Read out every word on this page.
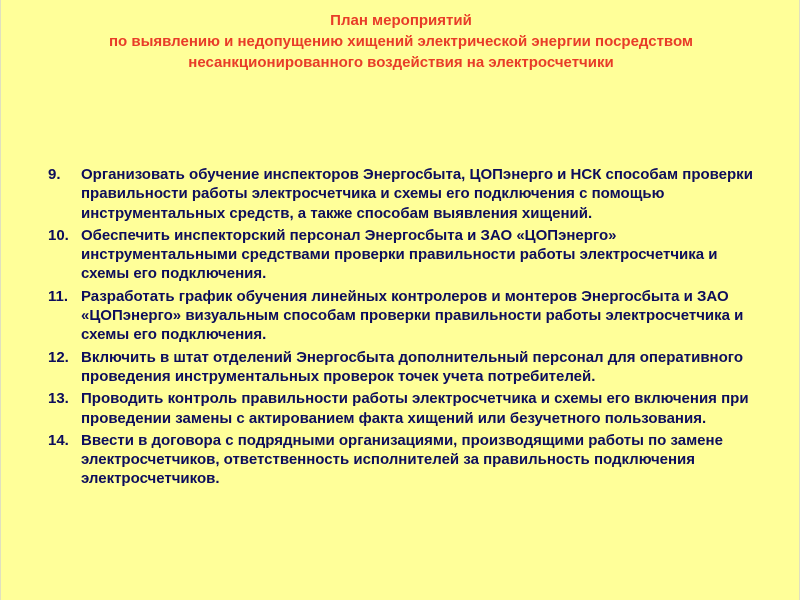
План мероприятий
по выявлению и недопущению хищений электрической энергии посредством
несанкционированного воздействия на электросчетчики
9.	Организовать обучение инспекторов Энергосбыта, ЦОПэнерго и НСК способам проверки правильности работы электросчетчика и схемы его подключения с помощью инструментальных средств, а также способам выявления хищений.
10. Обеспечить инспекторский персонал Энергосбыта и ЗАО «ЦОПэнерго» инструментальными средствами проверки правильности работы электросчетчика и схемы его подключения.
11. Разработать график обучения линейных контролеров и монтеров Энергосбыта и ЗАО «ЦОПэнерго» визуальным способам проверки правильности работы электросчетчика и схемы его подключения.
12. Включить в штат отделений Энергосбыта дополнительный персонал для оперативного проведения инструментальных проверок точек учета потребителей.
13. Проводить контроль правильности работы электросчетчика и схемы его включения при проведении замены с актированием факта хищений или безучетного пользования.
14. Ввести в договора с подрядными организациями, производящими работы по замене электросчетчиков, ответственность исполнителей за правильность подключения электросчетчиков.
